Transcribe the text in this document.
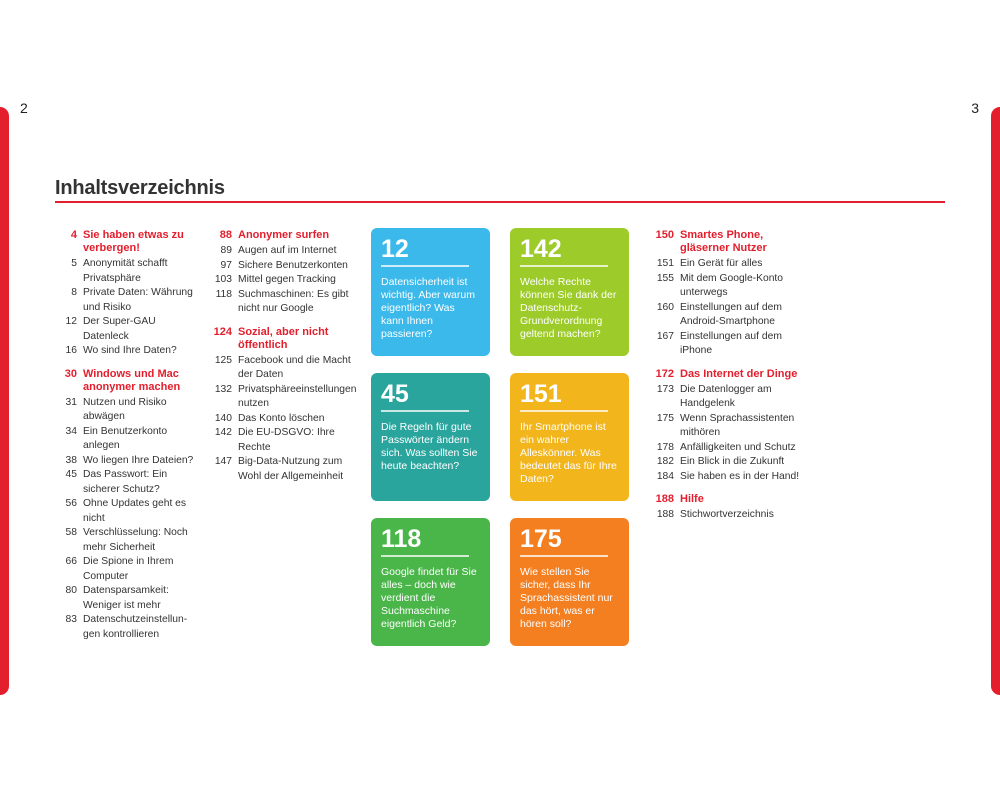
2	3
Inhaltsverzeichnis
4 Sie haben etwas zu verbergen!
5 Anonymität schafft Privatsphäre
8 Private Daten: Währung und Risiko
12 Der Super-GAU Datenleck
16 Wo sind Ihre Daten?
30 Windows und Mac anonymer machen
31 Nutzen und Risiko abwägen
34 Ein Benutzerkonto anlegen
38 Wo liegen Ihre Dateien?
45 Das Passwort: Ein sicherer Schutz?
56 Ohne Updates geht es nicht
58 Verschlüsselung: Noch mehr Sicherheit
66 Die Spione in Ihrem Computer
80 Datensparsamkeit: Weniger ist mehr
83 Datenschutzeinstellungen kontrollieren
88 Anonymer surfen
89 Augen auf im Internet
97 Sichere Benutzerkonten
103 Mittel gegen Tracking
118 Suchmaschinen: Es gibt nicht nur Google
124 Sozial, aber nicht öffentlich
125 Facebook und die Macht der Daten
132 Privatsphäreeinstellungen nutzen
140 Das Konto löschen
142 Die EU-DSGVO: Ihre Rechte
147 Big-Data-Nutzung zum Wohl der Allgemeinheit
150 Smartes Phone, gläserner Nutzer
151 Ein Gerät für alles
155 Mit dem Google-Konto unterwegs
160 Einstellungen auf dem Android-Smartphone
167 Einstellungen auf dem iPhone
172 Das Internet der Dinge
173 Die Datenlogger am Handgelenk
175 Wenn Sprachassistenten mithören
178 Anfälligkeiten und Schutz
182 Ein Blick in die Zukunft
184 Sie haben es in der Hand!
188 Hilfe
188 Stichwortverzeichnis
12
Datensicherheit ist wichtig. Aber warum eigentlich? Was kann Ihnen passieren?
142
Welche Rechte können Sie dank der Datenschutz-Grundverordnung geltend machen?
45
Die Regeln für gute Passwörter ändern sich. Was sollten Sie heute beachten?
151
Ihr Smartphone ist ein wahrer Alleskönner. Was bedeutet das für Ihre Daten?
118
Google findet für Sie alles – doch wie verdient die Suchmaschine eigentlich Geld?
175
Wie stellen Sie sicher, dass Ihr Sprachassistent nur das hört, was er hören soll?
